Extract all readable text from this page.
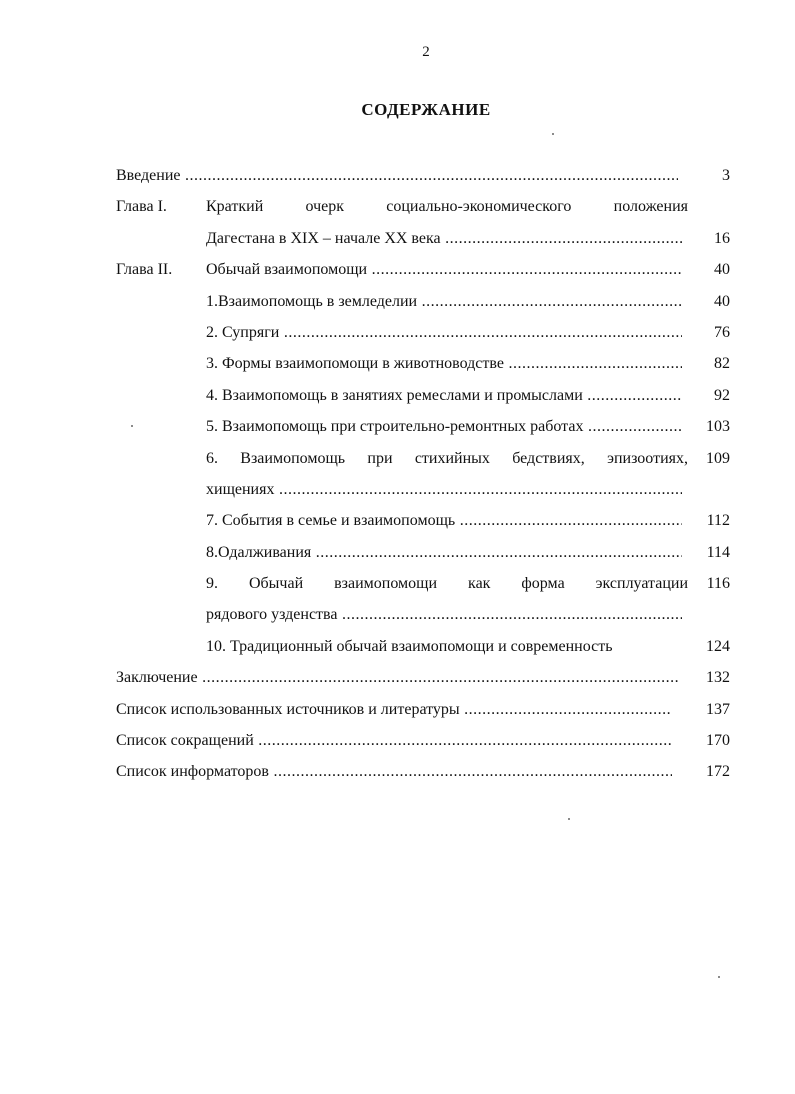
2
СОДЕРЖАНИЕ
Введение .....	3
Глава I. Краткий очерк социально-экономического положения
Дагестана в XIX – начале XX века .....	16
Глава II. Обычай взаимопомощи .....	40
1.Взаимопомощь в земледелии .....	40
2. Супряги .....	76
3. Формы взаимопомощи в животноводстве .....	82
4. Взаимопомощь в занятиях ремеслами и промыслами .....	92
5. Взаимопомощь при строительно-ремонтных работах .....	103
6. Взаимопомощь при стихийных бедствиях, эпизоотиях, 109
хищениях .....
7. События в семье и взаимопомощь .....	112
8.Одалживания .....	114
9. Обычай взаимопомощи как форма эксплуатации 116
рядового узденства .....
10. Традиционный обычай взаимопомощи и современность	124
Заключение .....	132
Список использованных источников и литературы .....	137
Список сокращений .....	170
Список информаторов .....	172
